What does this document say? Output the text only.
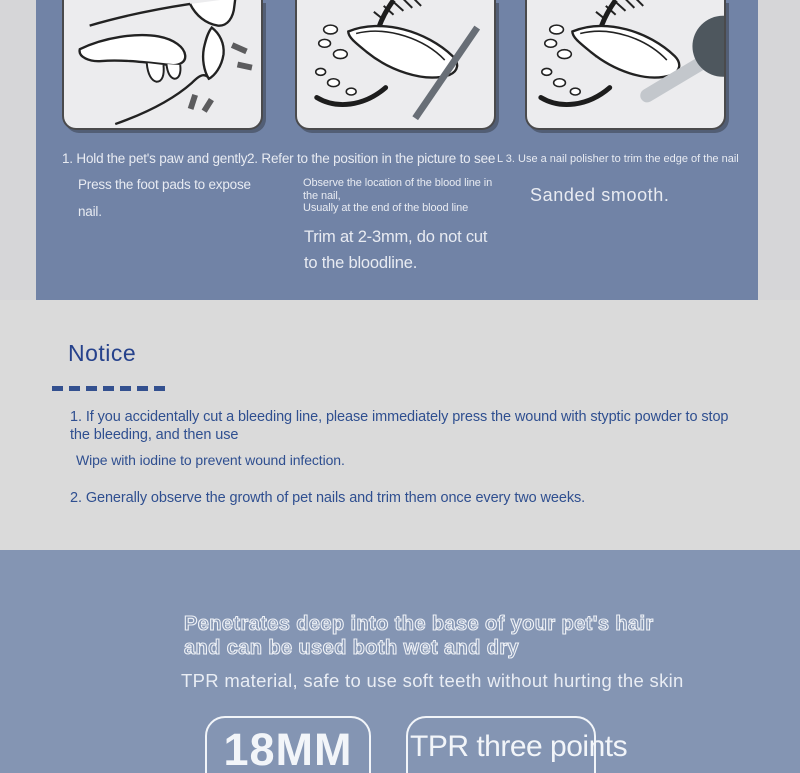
1. Hold the pet's paw and gently
Press the foot pads to expose
nail.
2. Refer to the position in the picture to see
Observe the location of the blood line in the nail,
Usually at the end of the blood line
Trim at 2-3mm, do not cut
to the bloodline.
L 3. Use a nail polisher to trim the edge of the nail
Sanded smooth.
Notice
1. If you accidentally cut a bleeding line, please immediately press the wound with styptic powder to stop the bleeding, and then use
Wipe with iodine to prevent wound infection.
2. Generally observe the growth of pet nails and trim them once every two weeks.
Penetrates deep into the base of your pet's hair
and can be used both wet and dry
TPR material, safe to use soft teeth without hurting the skin
18MM	TPR three points
